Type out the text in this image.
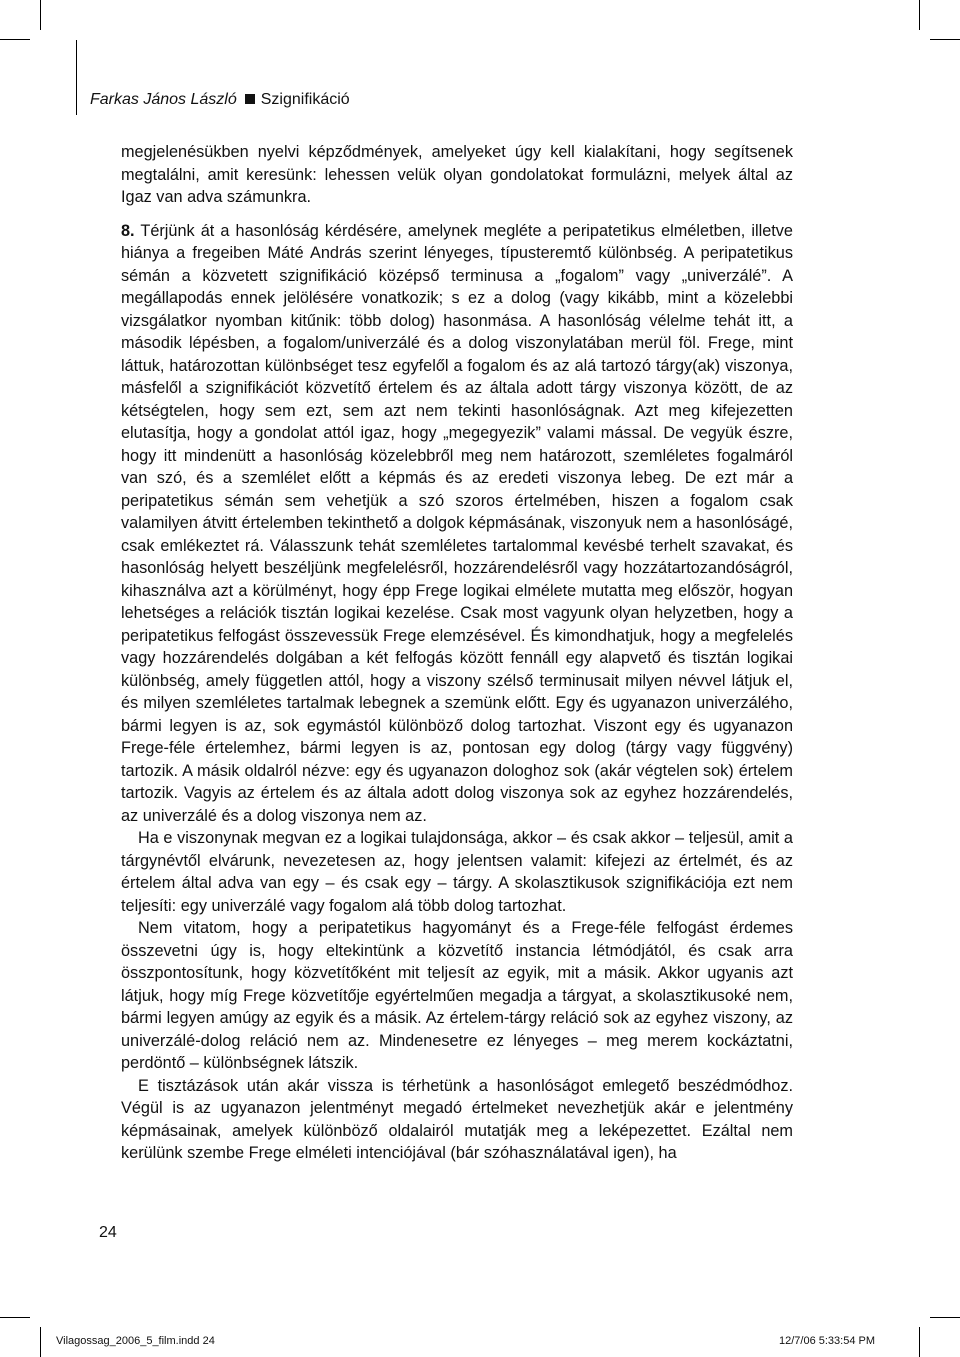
Farkas János László Szignifikáció

megjelenésükben nyelvi képződmények, amelyeket úgy kell kialakítani, hogy segítsenek megtalálni, amit keresünk: lehessen velük olyan gondolatokat formulázni, melyek által az Igaz van adva számunkra.

8. Térjünk át a hasonlóság kérdésére, amelynek megléte a peripatetikus elméletben, illetve hiánya a fregeiben Máté András szerint lényeges, típusteremtő különbség. A peripatetikus sémán a közvetett szignifikáció középső terminusa a „fogalom” vagy „univerzálé”. A megállapodás ennek jelölésére vonatkozik; s ez a dolog (vagy kikább, mint a közelebbi vizsgálatkor nyomban kitűnik: több dolog) hasonmása. A hasonlóság vélelme tehát itt, a második lépésben, a fogalom/univerzálé és a dolog viszonylatában merül föl. Frege, mint láttuk, határozottan különbséget tesz egyfelől a fogalom és az alá tartozó tárgy(ak) viszonya, másfelől a szignifikációt közvetítő értelem és az általa adott tárgy viszonya között, de az kétségtelen, hogy sem ezt, sem azt nem tekinti hasonlóságnak. Azt meg kifejezetten elutasítja, hogy a gondolat attól igaz, hogy „megegyezik” valami mással. De vegyük észre, hogy itt mindenütt a hasonlóság közelebbről meg nem határozott, szemléletes fogalmáról van szó, és a szemlélet előtt a képmás és az eredeti viszonya lebeg. De ezt már a peripatetikus sémán sem vehetjük a szó szoros értelmében, hiszen a fogalom csak valamilyen átvitt értelemben tekinthető a dolgok képmásának, viszonyuk nem a hasonlóságé, csak emlékeztet rá. Válasszunk tehát szemléletes tartalommal kevésbé terhelt szavakat, és hasonlóság helyett beszéljünk megfelelésről, hozzárendelésről vagy hozzátartozandóságról, kihasználva azt a körülményt, hogy épp Frege logikai elmélete mutatta meg először, hogyan lehetséges a relációk tisztán logikai kezelése. Csak most vagyunk olyan helyzetben, hogy a peripatetikus felfogást összevessük Frege elemzésével. És kimondhatjuk, hogy a megfelelés vagy hozzárendelés dolgában a két felfogás között fennáll egy alapvető és tisztán logikai különbség, amely független attól, hogy a viszony szélső terminusait milyen névvel látjuk el, és milyen szemléletes tartalmak lebegnek a szemünk előtt. Egy és ugyanazon univerzálého, bármi legyen is az, sok egymástól különböző dolog tartozhat. Viszont egy és ugyanazon Frege-féle értelemhez, bármi legyen is az, pontosan egy dolog (tárgy vagy függvény) tartozik. A másik oldalról nézve: egy és ugyanazon dologhoz sok (akár végtelen sok) értelem tartozik. Vagyis az értelem és az általa adott dolog viszonya sok az egyhez hozzárendelés, az univerzálé és a dolog viszonya nem az.

Ha e viszonynak megvan ez a logikai tulajdonsága, akkor – és csak akkor – teljesül, amit a tárgynévtől elvárunk, nevezetesen az, hogy jelentsen valamit: kifejezi az értelmét, és az értelem által adva van egy – és csak egy – tárgy. A skolasztikusok szignifikációja ezt nem teljesíti: egy univerzálé vagy fogalom alá több dolog tartozhat.

Nem vitatom, hogy a peripatetikus hagyományt és a Frege-féle felfogást érdemes összevetni úgy is, hogy eltekintünk a közvetítő instancia létmódjától, és csak arra összpontosítunk, hogy közvetítőként mit teljesít az egyik, mit a másik. Akkor ugyanis azt látjuk, hogy míg Frege közvetítője egyértelműen megadja a tárgyat, a skolasztikusoké nem, bármi legyen amúgy az egyik és a másik. Az értelem-tárgy reláció sok az egyhez viszony, az univerzálé-dolog reláció nem az. Mindenesetre ez lényeges – meg merem kockáztatni, perdöntő – különbségnek látszik.

E tisztázások után akár vissza is térhetünk a hasonlóságot emlegető beszédmódhoz. Végül is az ugyanazon jelentményt megadó értelmeket nevezhetjük akár e jelentmény képmásainak, amelyek különböző oldalairól mutatják meg a leképezettet. Ezáltal nem kerülünk szembe Frege elméleti intenciójával (bár szóhasználatával igen), ha

24
Vilagossag_2006_5_film.indd 24	12/7/06 5:33:54 PM
